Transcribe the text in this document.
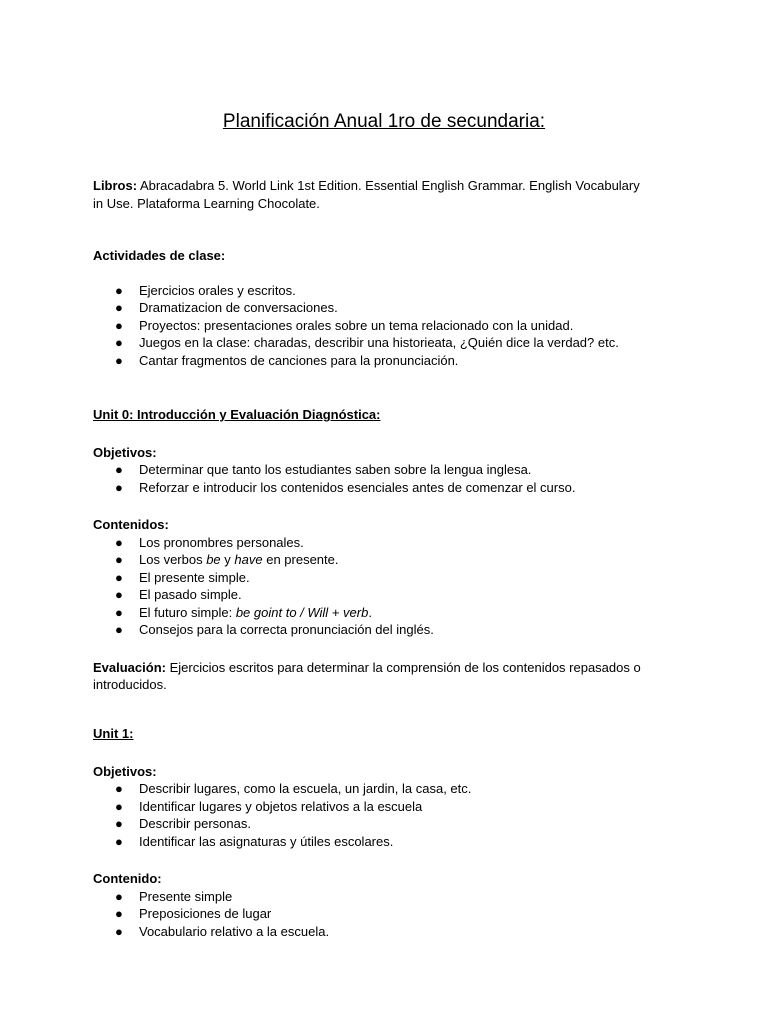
Planificación Anual 1ro de secundaria:

Libros: Abracadabra 5. World Link 1st Edition. Essential English Grammar. English Vocabulary in Use. Plataforma Learning Chocolate.

Actividades de clase:

● Ejercicios orales y escritos.
● Dramatizacion de conversaciones.
● Proyectos: presentaciones orales sobre un tema relacionado con la unidad.
● Juegos en la clase: charadas, describir una historieata, ¿Quién dice la verdad? etc.
● Cantar fragmentos de canciones para la pronunciación.

Unit 0: Introducción y Evaluación Diagnóstica:

Objetivos:

● Determinar que tanto los estudiantes saben sobre la lengua inglesa.
● Reforzar e introducir los contenidos esenciales antes de comenzar el curso.

Contenidos:

● Los pronombres personales.
● Los verbos be y have en presente.
● El presente simple.
● El pasado simple.
● El futuro simple: be goint to / Will + verb.
● Consejos para la correcta pronunciación del inglés.

Evaluación: Ejercicios escritos para determinar la comprensión de los contenidos repasados o introducidos.

Unit 1:

Objetivos:

● Describir lugares, como la escuela, un jardin, la casa, etc.
● Identificar lugares y objetos relativos a la escuela
● Describir personas.
● Identificar las asignaturas y útiles escolares.

Contenido:

● Presente simple
● Preposiciones de lugar
● Vocabulario relativo a la escuela.
